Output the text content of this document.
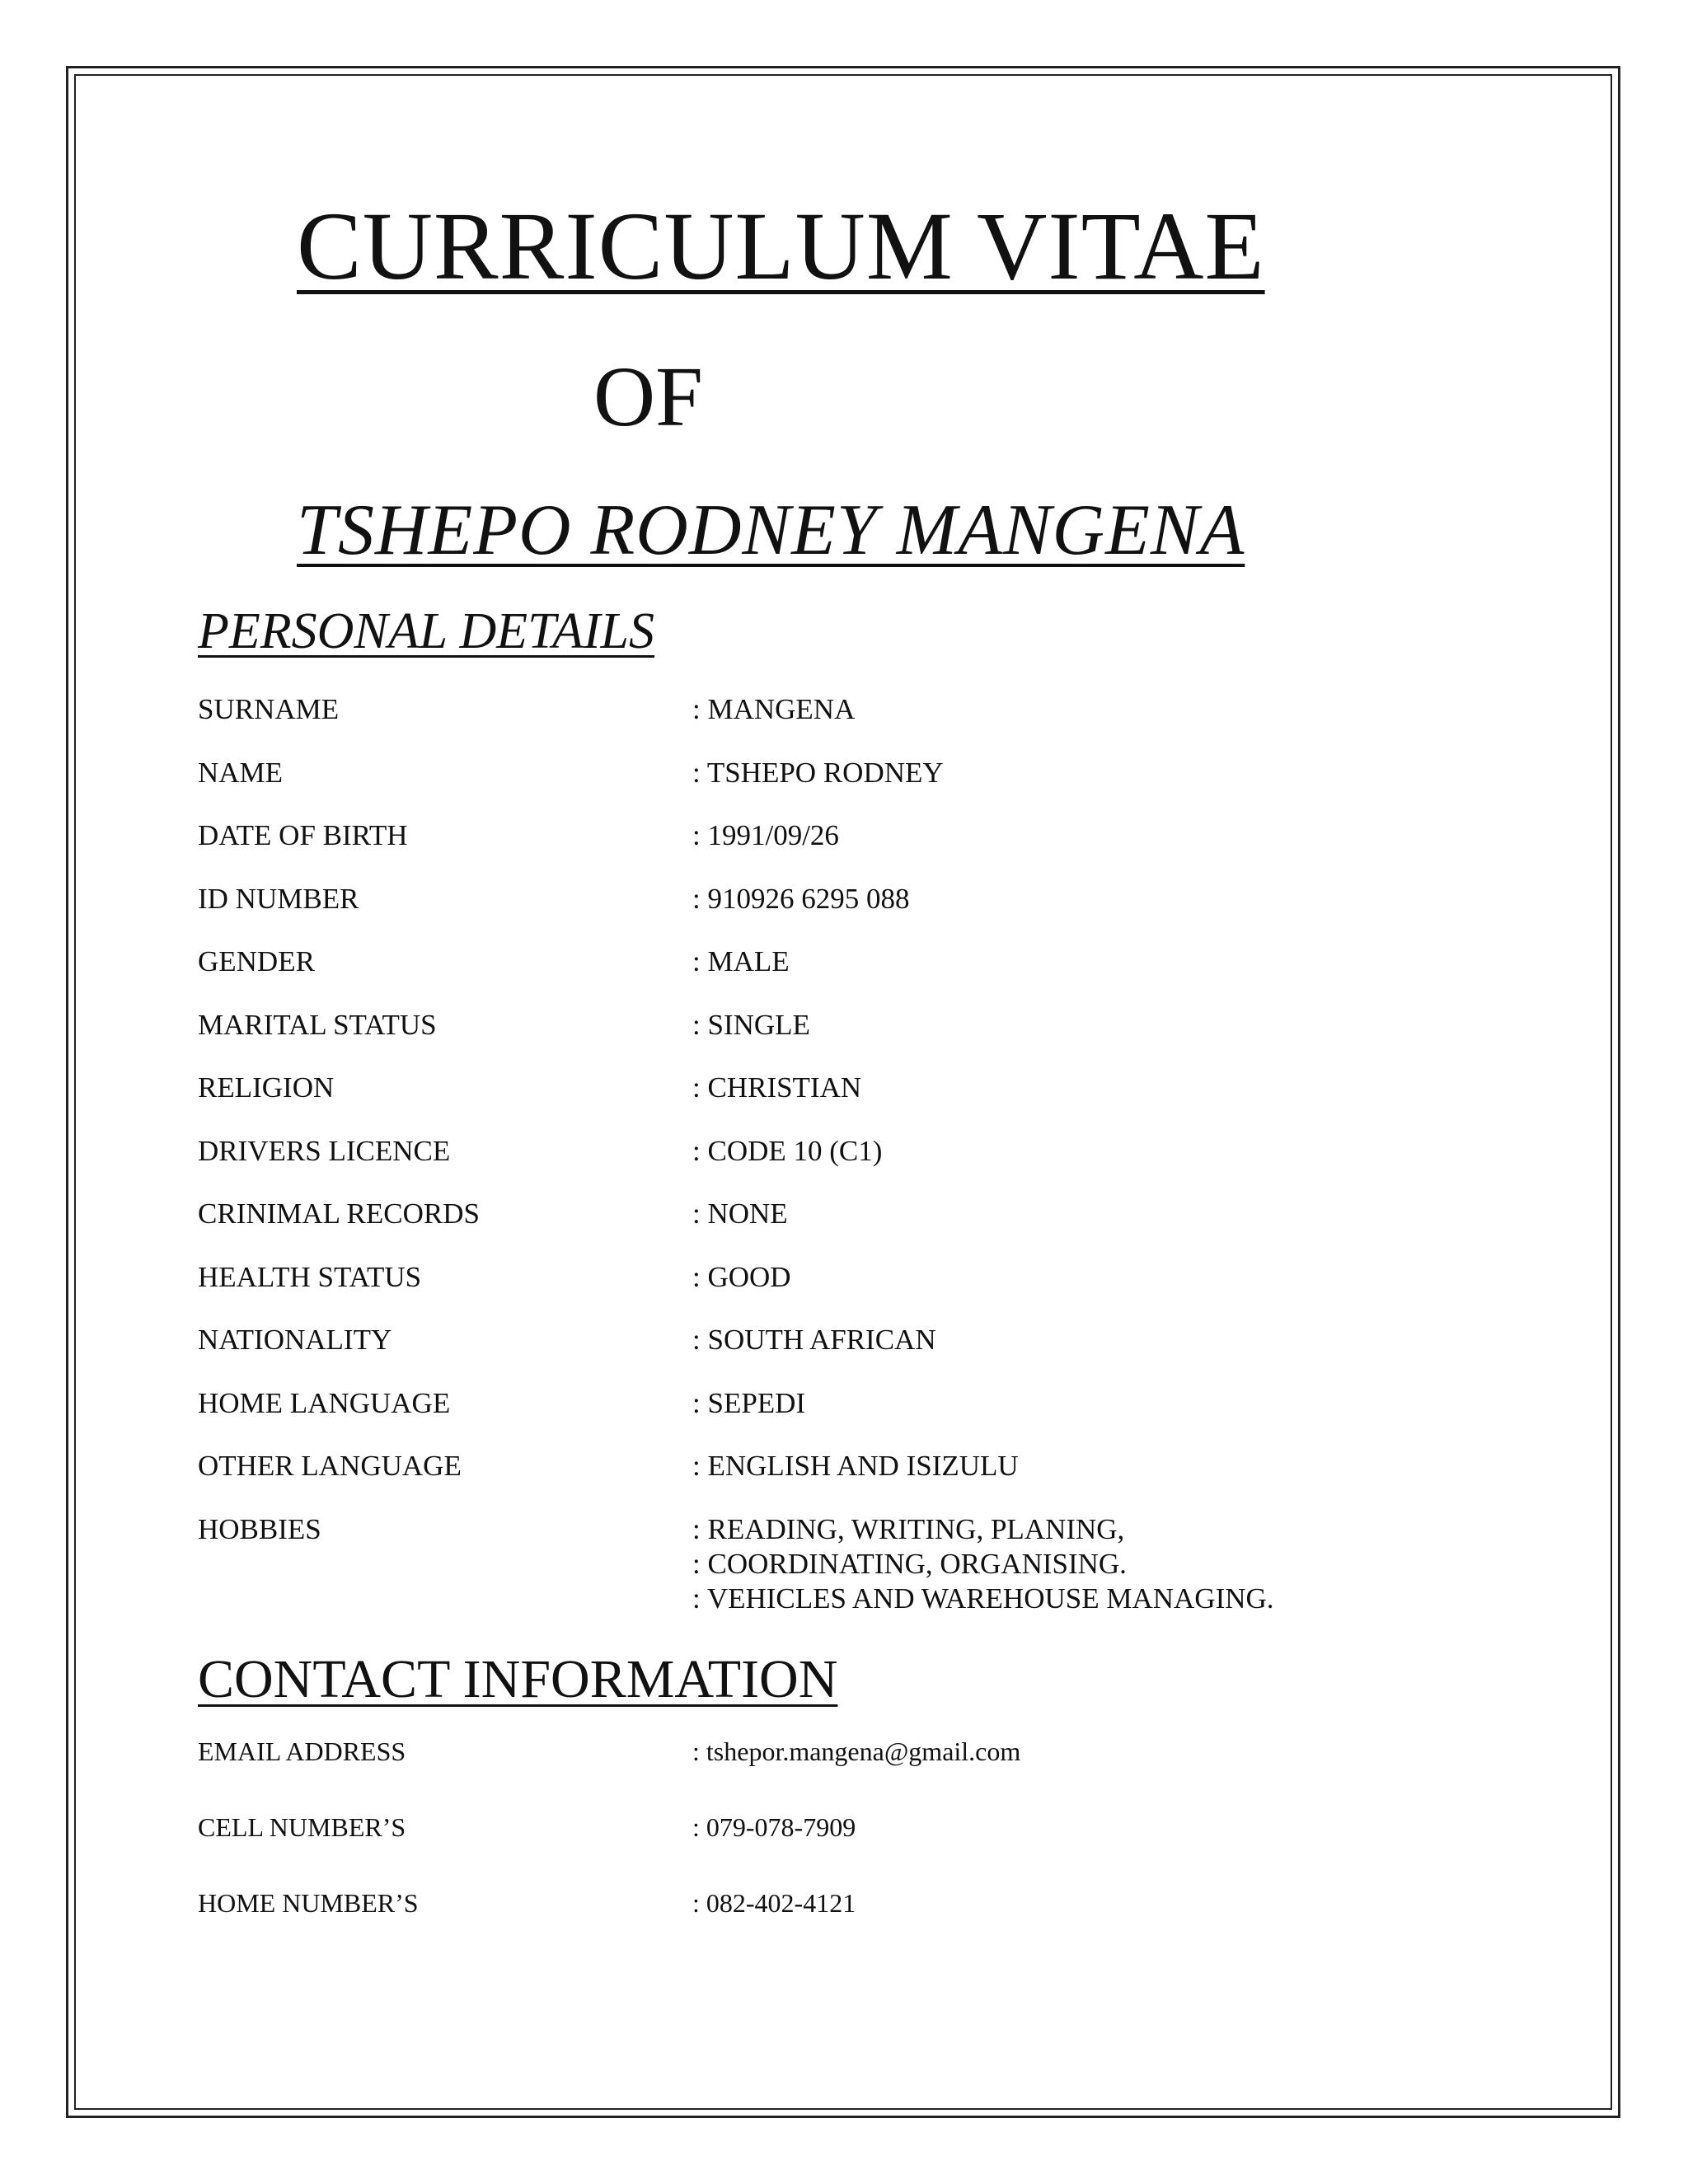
CURRICULUM VITAE
OF
TSHEPO RODNEY MANGENA
PERSONAL DETAILS
SURNAME	: MANGENA
NAME	: TSHEPO RODNEY
DATE OF BIRTH	: 1991/09/26
ID NUMBER	: 910926 6295 088
GENDER	: MALE
MARITAL STATUS	: SINGLE
RELIGION	: CHRISTIAN
DRIVERS LICENCE	: CODE 10 (C1)
CRINIMAL RECORDS	: NONE
HEALTH STATUS	: GOOD
NATIONALITY	: SOUTH AFRICAN
HOME LANGUAGE	: SEPEDI
OTHER LANGUAGE	: ENGLISH AND ISIZULU
HOBBIES	: READING, WRITING, PLANING,
: COORDINATING, ORGANISING.
: VEHICLES AND WAREHOUSE MANAGING.
CONTACT INFORMATION
EMAIL ADDRESS	: tshepor.mangena@gmail.com
CELL NUMBER’S	: 079-078-7909
HOME NUMBER’S	: 082-402-4121
